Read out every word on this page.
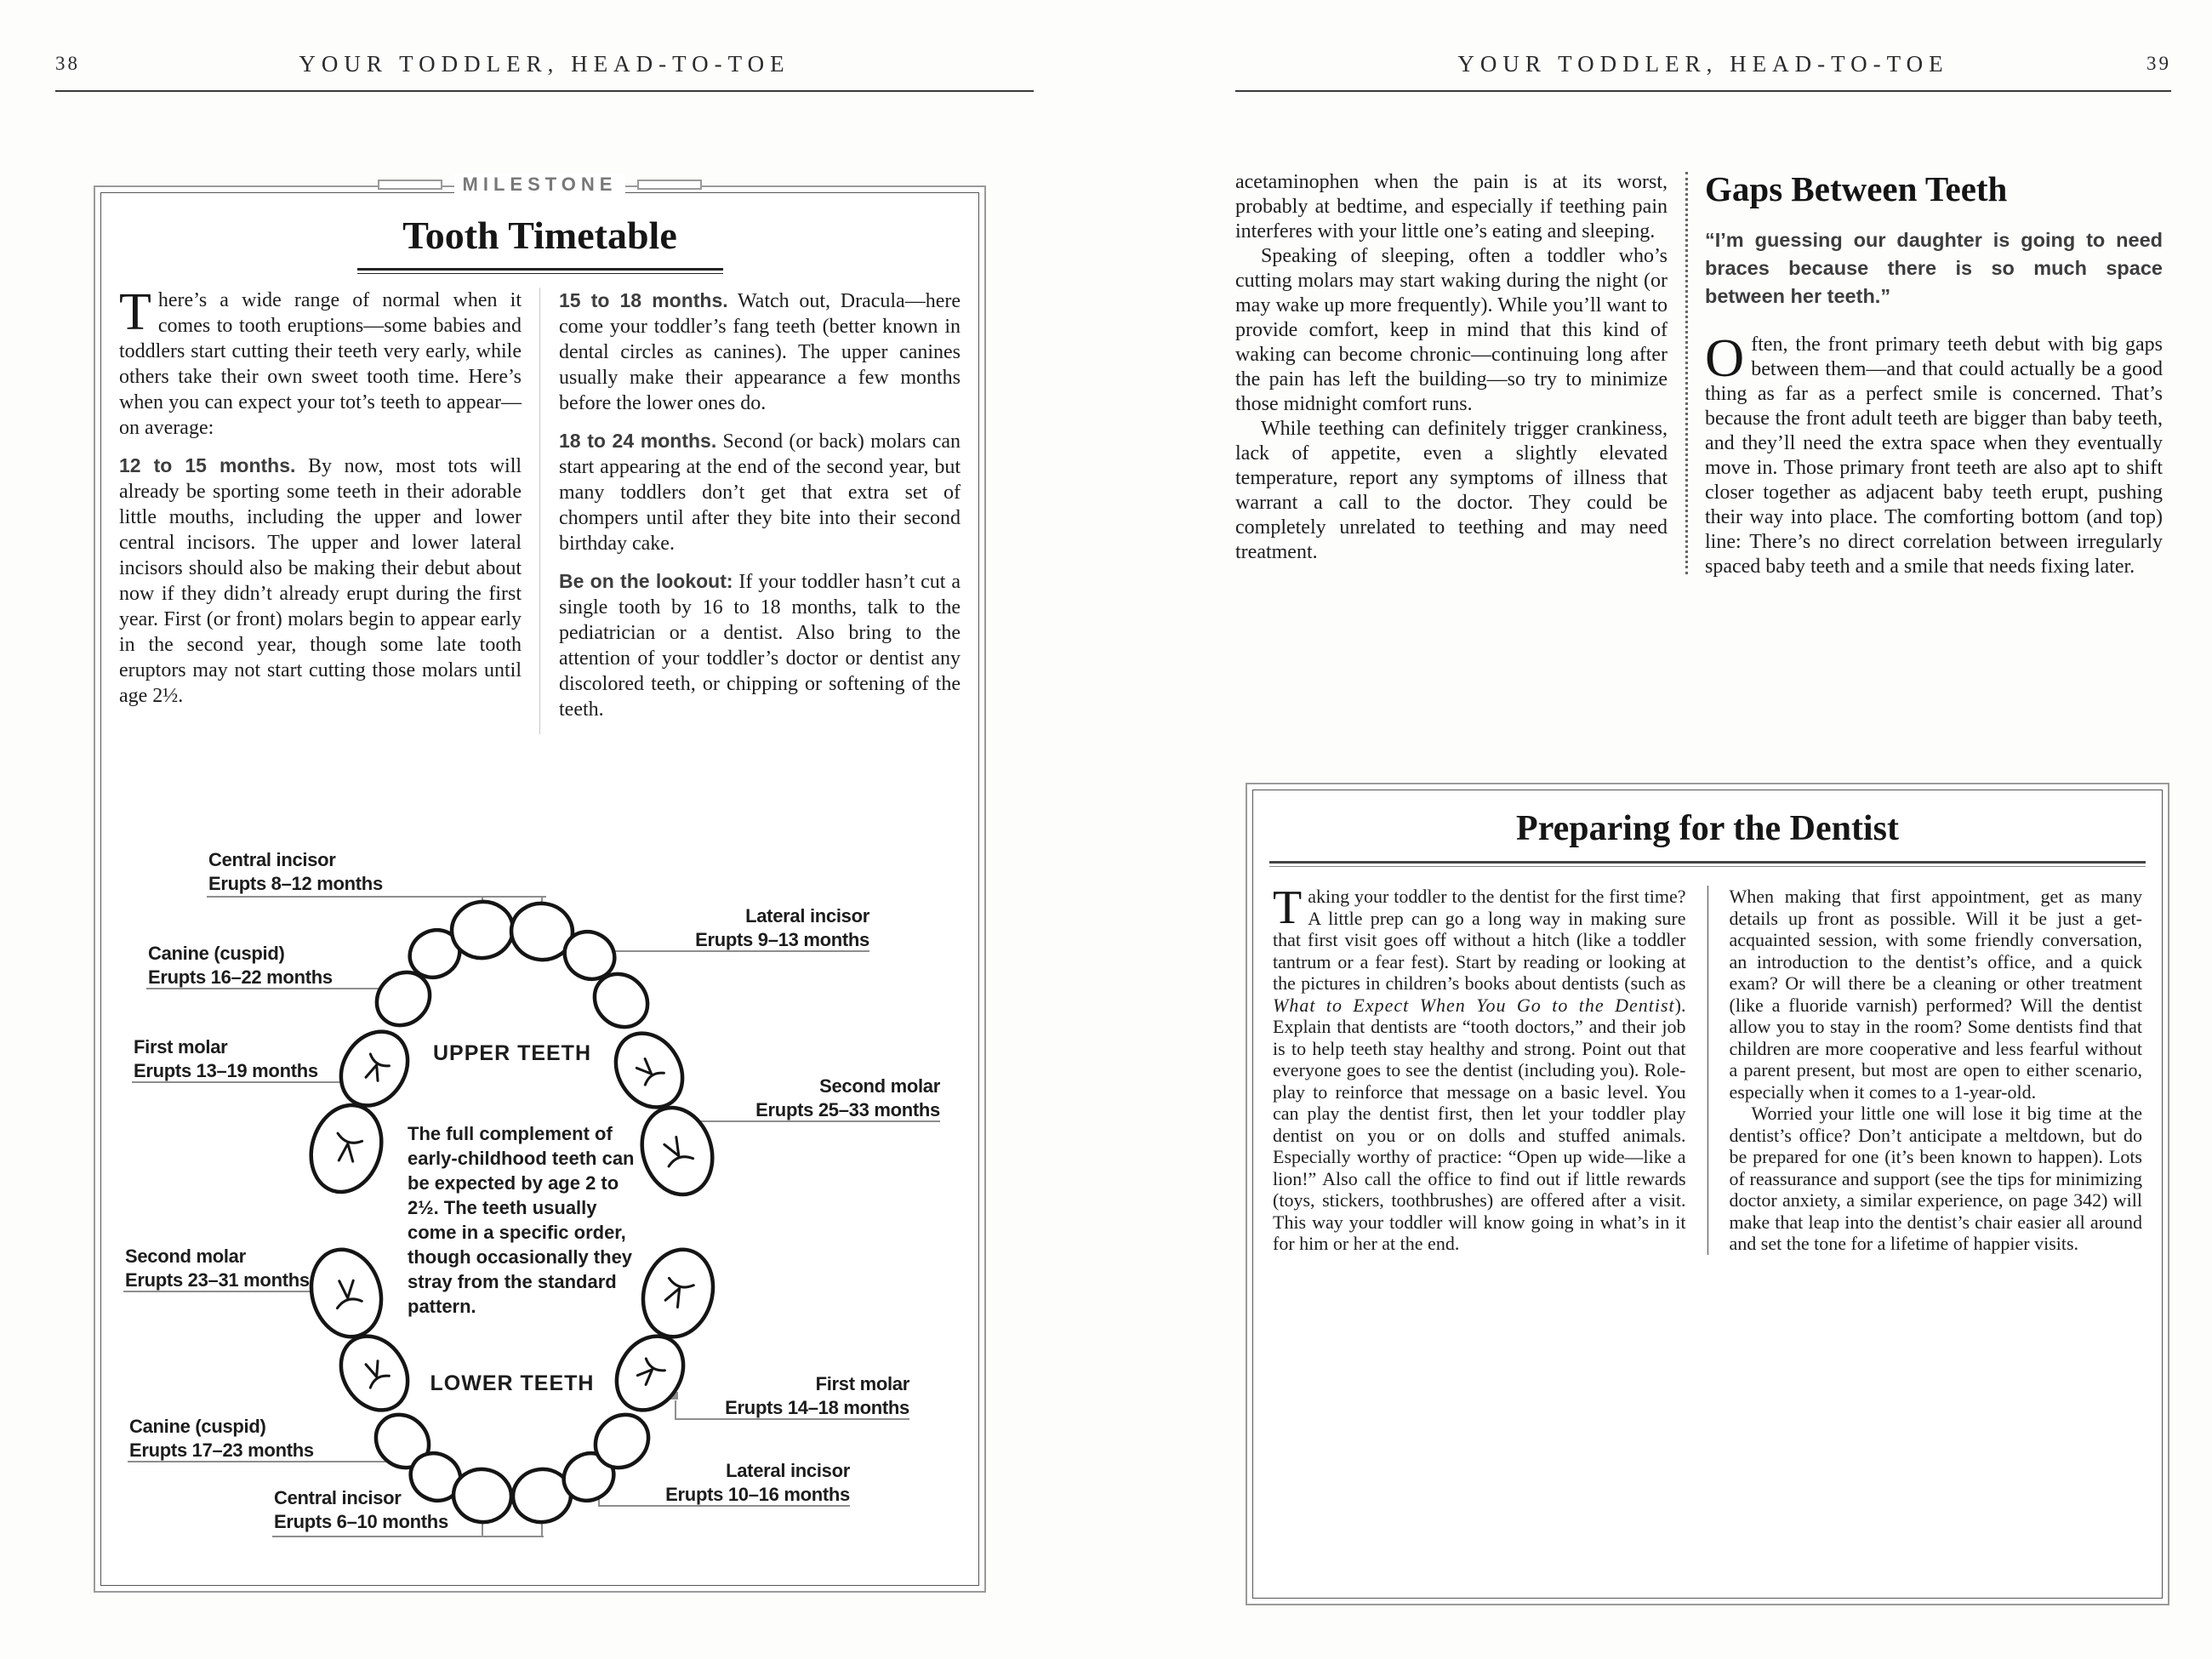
38	YOUR TODDLER, HEAD-TO-TOE
MILESTONE
Tooth Timetable

There’s a wide range of normal when it comes to tooth eruptions—some babies and toddlers start cutting their teeth very early, while others take their own sweet tooth time. Here’s when you can expect your tot’s teeth to appear—on average:

12 to 15 months. By now, most tots will already be sporting some teeth in their adorable little mouths, including the upper and lower central incisors. The upper and lower lateral incisors should also be making their debut about now if they didn’t already erupt during the first year. First (or front) molars begin to appear early in the second year, though some late tooth eruptors may not start cutting those molars until age 2½.

15 to 18 months. Watch out, Dracula—here come your toddler’s fang teeth (better known in dental circles as canines). The upper canines usually make their appearance a few months before the lower ones do.

18 to 24 months. Second (or back) molars can start appearing at the end of the second year, but many toddlers don’t get that extra set of chompers until after they bite into their second birthday cake.

Be on the lookout: If your toddler hasn’t cut a single tooth by 16 to 18 months, talk to the pediatrician or a dentist. Also bring to the attention of your toddler’s doctor or dentist any discolored teeth, or chipping or softening of the teeth.

UPPER TEETH
LOWER TEETH
Central incisor
Erupts 8–12 months
Lateral incisor
Erupts 9–13 months
Canine (cuspid)
Erupts 16–22 months
First molar
Erupts 13–19 months
Second molar
Erupts 25–33 months
Second molar
Erupts 23–31 months
First molar
Erupts 14–18 months
Canine (cuspid)
Erupts 17–23 months
Lateral incisor
Erupts 10–16 months
Central incisor
Erupts 6–10 months
The full complement of
early-childhood teeth can
be expected by age 2 to
2½. The teeth usually
come in a specific order,
though occasionally they
stray from the standard
pattern.
YOUR TODDLER, HEAD-TO-TOE	39

acetaminophen when the pain is at its worst, probably at bedtime, and especially if teething pain interferes with your little one’s eating and sleeping.

Speaking of sleeping, often a toddler who’s cutting molars may start waking during the night (or may wake up more frequently). While you’ll want to provide comfort, keep in mind that this kind of waking can become chronic—continuing long after the pain has left the building—so try to minimize those midnight comfort runs.

While teething can definitely trigger crankiness, lack of appetite, even a slightly elevated temperature, report any symptoms of illness that warrant a call to the doctor. They could be completely unrelated to teething and may need treatment.

Gaps Between Teeth

“I’m guessing our daughter is going to need braces because there is so much space between her teeth.”

Often, the front primary teeth debut with big gaps between them—and that could actually be a good thing as far as a perfect smile is concerned. That’s because the front adult teeth are bigger than baby teeth, and they’ll need the extra space when they eventually move in. Those primary front teeth are also apt to shift closer together as adjacent baby teeth erupt, pushing their way into place. The comforting bottom (and top) line: There’s no direct correlation between irregularly spaced baby teeth and a smile that needs fixing later.

Preparing for the Dentist

Taking your toddler to the dentist for the first time? A little prep can go a long way in making sure that first visit goes off without a hitch (like a toddler tantrum or a fear fest). Start by reading or looking at the pictures in children’s books about dentists (such as What to Expect When You Go to the Dentist). Explain that dentists are “tooth doctors,” and their job is to help teeth stay healthy and strong. Point out that everyone goes to see the dentist (including you). Role-play to reinforce that message on a basic level. You can play the dentist first, then let your toddler play dentist on you or on dolls and stuffed animals. Especially worthy of practice: “Open up wide—like a lion!” Also call the office to find out if little rewards (toys, stickers, toothbrushes) are offered after a visit. This way your toddler will know going in what’s in it for him or her at the end.

When making that first appointment, get as many details up front as possible. Will it be just a get-acquainted session, with some friendly conversation, an introduction to the dentist’s office, and a quick exam? Or will there be a cleaning or other treatment (like a fluoride varnish) performed? Will the dentist allow you to stay in the room? Some dentists find that children are more cooperative and less fearful without a parent present, but most are open to either scenario, especially when it comes to a 1-year-old.

Worried your little one will lose it big time at the dentist’s office? Don’t anticipate a meltdown, but do be prepared for one (it’s been known to happen). Lots of reassurance and support (see the tips for minimizing doctor anxiety, a similar experience, on page 342) will make that leap into the dentist’s chair easier all around and set the tone for a lifetime of happier visits.
